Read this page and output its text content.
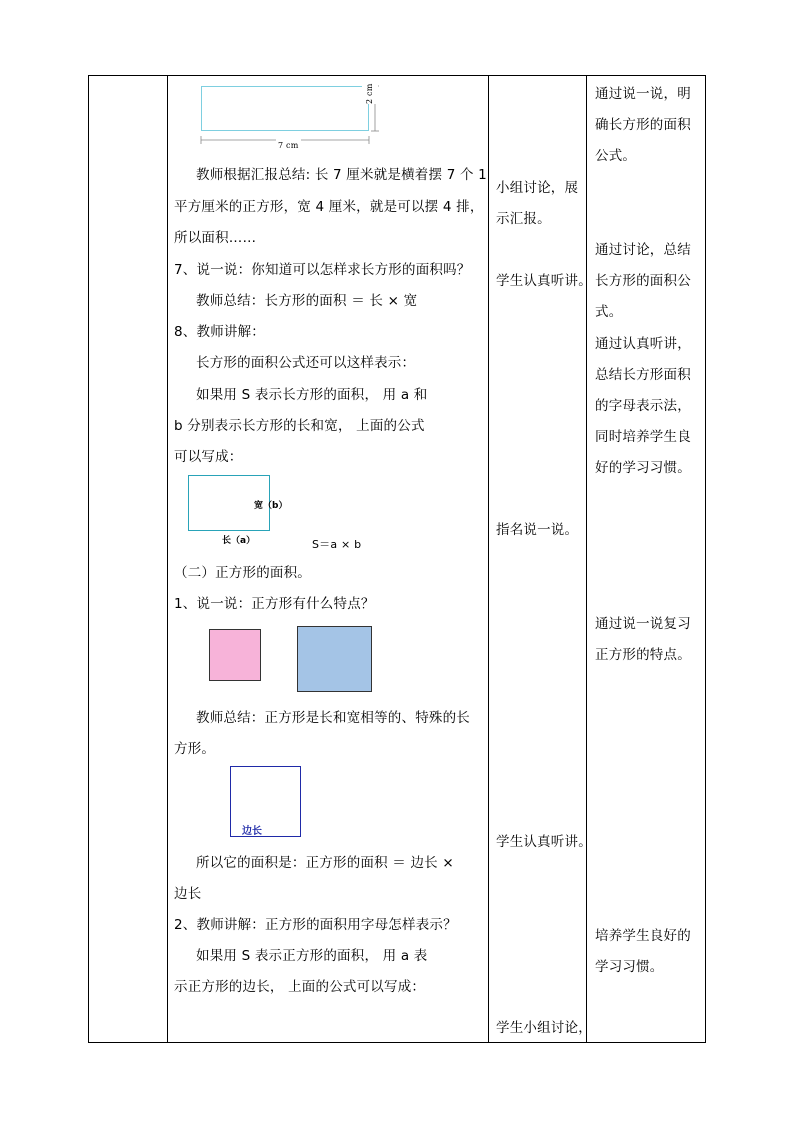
7 cm
2 cm
教师根据汇报总结: 长 7 厘米就是横着摆 7 个 1
平方厘米的正方形，宽 4 厘米，就是可以摆 4 排，
所以面积……
7、说一说：你知道可以怎样求长方形的面积吗？
教师总结：长方形的面积 ＝ 长 × 宽
8、教师讲解：
长方形的面积公式还可以这样表示：
如果用 S 表示长方形的面积， 用 a 和
b 分别表示长方形的长和宽， 上面的公式
可以写成：
宽（b）
长（a）	S＝a × b
（二）正方形的面积。
1、说一说：正方形有什么特点？
教师总结：正方形是长和宽相等的、特殊的长
方形。
边长
所以它的面积是：正方形的面积 ＝ 边长 ×
边长
2、教师讲解：正方形的面积用字母怎样表示？
如果用 S 表示正方形的面积， 用 a 表
示正方形的边长， 上面的公式可以写成：
小组讨论，展
示汇报。
学生认真听讲。
指名说一说。
学生认真听讲。
学生小组讨论，
通过说一说，明
确长方形的面积
公式。
通过讨论，总结
长方形的面积公
式。
通过认真听讲，
总结长方形面积
的字母表示法，
同时培养学生良
好的学习习惯。
通过说一说复习
正方形的特点。
培养学生良好的
学习习惯。
